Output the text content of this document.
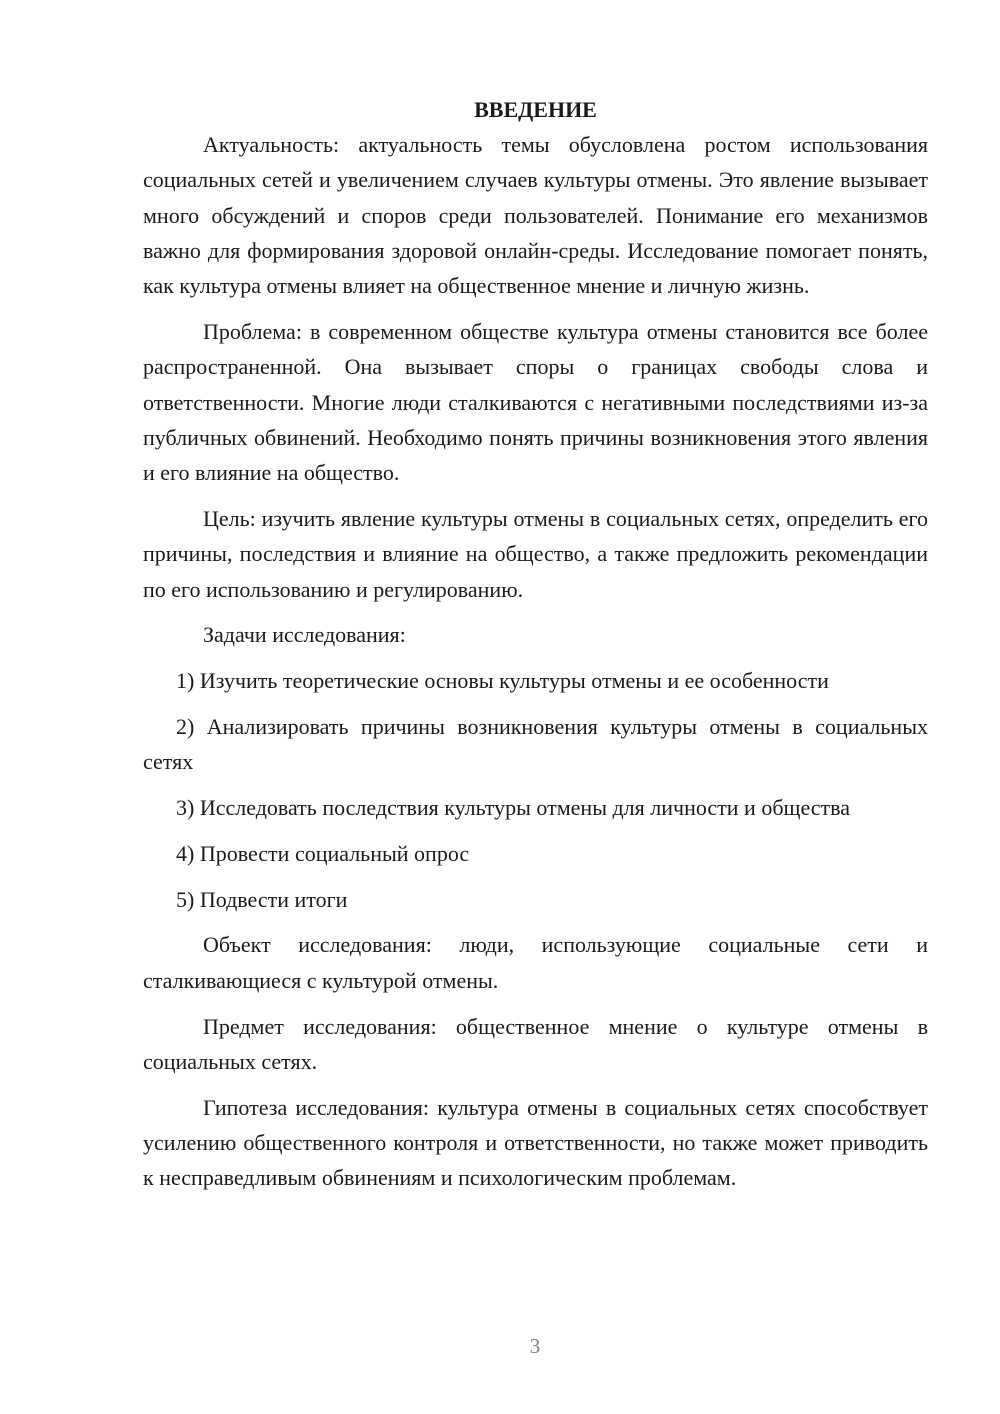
ВВЕДЕНИЕ

Актуальность: актуальность темы обусловлена ростом использования социальных сетей и увеличением случаев культуры отмены. Это явление вызывает много обсуждений и споров среди пользователей. Понимание его механизмов важно для формирования здоровой онлайн-среды. Исследование помогает понять, как культура отмены влияет на общественное мнение и личную жизнь.

Проблема: в современном обществе культура отмены становится все более распространенной. Она вызывает споры о границах свободы слова и ответственности. Многие люди сталкиваются с негативными последствиями из-за публичных обвинений. Необходимо понять причины возникновения этого явления и его влияние на общество.

Цель: изучить явление культуры отмены в социальных сетях, определить его причины, последствия и влияние на общество, а также предложить рекомендации по его использованию и регулированию.

Задачи исследования:

1) Изучить теоретические основы культуры отмены и ее особенности

2) Анализировать причины возникновения культуры отмены в социальных сетях

3) Исследовать последствия культуры отмены для личности и общества

4) Провести социальный опрос

5) Подвести итоги

Объект исследования: люди, использующие социальные сети и сталкивающиеся с культурой отмены.

Предмет исследования: общественное мнение о культуре отмены в социальных сетях.

Гипотеза исследования: культура отмены в социальных сетях способствует усилению общественного контроля и ответственности, но также может приводить к несправедливым обвинениям и психологическим проблемам.

3
